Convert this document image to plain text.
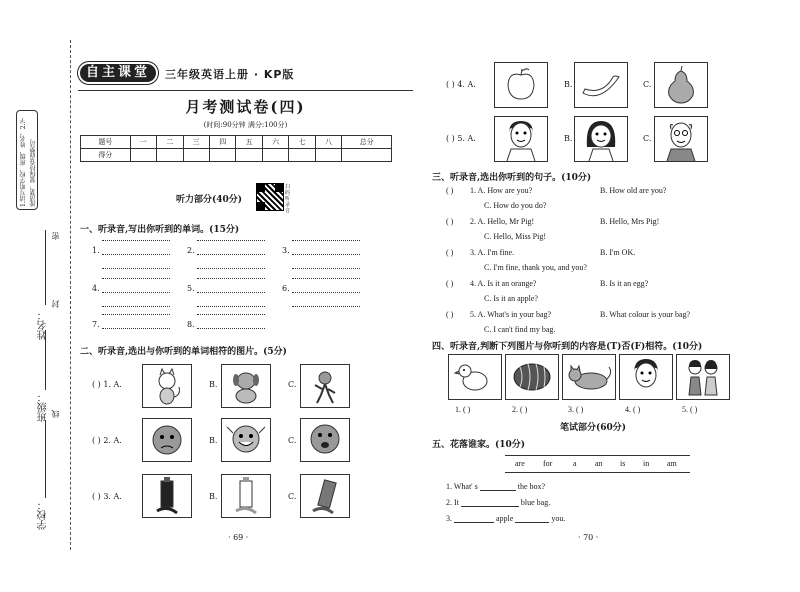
1.请写明学校、班级、姓名。2.字迹清楚，要保持卷面整洁。
密
封
线
姓名：
班级：
学校：
自主课堂	三年级英语上册 · KP版
月考测试卷(四)
(时间:90分钟 满分:100分)
题号	一	二	三	四	五	六	七	八	总分
得分									
听力部分(40分)
扫码听录音
一、听录音,写出你听到的单词。(15分)
1.	2.	3.
4.	5.	6.
7.	8.
二、听录音,选出与你听到的单词相符的图片。(5分)
( ) 1. A.	B.	C.
( ) 2. A.	B.	C.
( ) 3. A.	B.	C.
· 69 ·
( ) 4. A.	B.	C.
( ) 5. A.	B.	C.
三、听录音,选出你听到的句子。(10分)
( ) 1. A. How are you?	B. How old are you?
C. How do you do?
( ) 2. A. Hello, Mr Pig!	B. Hello, Mrs Pig!
C. Hello, Miss Pig!
( ) 3. A. I'm fine.	B. I'm OK.
C. I'm fine, thank you, and you?
( ) 4. A. Is it an orange?	B. Is it an egg?
C. Is it an apple?
( ) 5. A. What's in your bag?	B. What colour is your bag?
C. I can't find my bag.
四、听录音,判断下列图片与你听到的内容是(T)否(F)相符。(10分)
1. ( )	2. ( )	3. ( )	4. ( )	5. ( )
笔试部分(60分)
五、花落谁家。(10分)
are for	a an is in am
1. What' s	the box?
2. It	blue bag.
3.	apple	you.
· 70 ·
